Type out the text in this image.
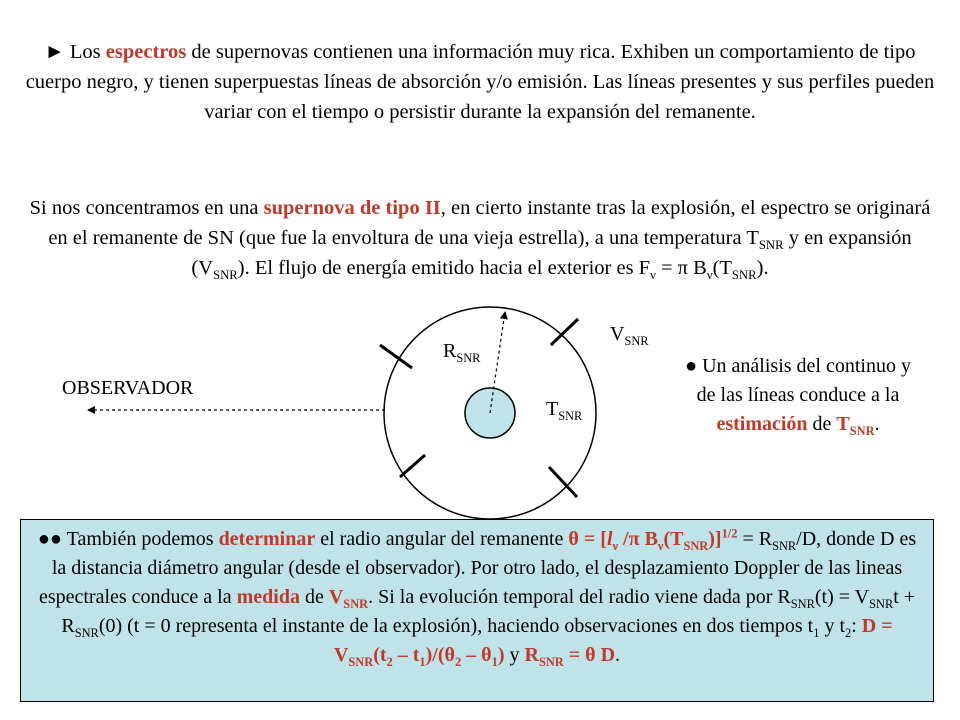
► Los espectros de supernovas contienen una información muy rica. Exhiben un comportamiento de tipo cuerpo negro, y tienen superpuestas líneas de absorción y/o emisión. Las líneas presentes y sus perfiles pueden variar con el tiempo o persistir durante la expansión del remanente.
Si nos concentramos en una supernova de tipo II, en cierto instante tras la explosión, el espectro se originará en el remanente de SN (que fue la envoltura de una vieja estrella), a una temperatura $T_{SNR}$ y en expansión $(V_{SNR})$. El flujo de energía emitido hacia el exterior es $F_\nu = \pi$ $B_\nu(T_{SNR})$.
OBSERVADOR
$R_{SNR}$
$T_{SNR}$
$V_{SNR}$
● Un análisis del continuo y de las líneas conduce a la estimación de $T_{SNR}$.
●● También podemos determinar el radio angular del remanente $\theta = [l_\nu$ /π $B_\nu(T_{SNR})]^{1/2} = R_{SNR}/D$, donde D es la distancia diámetro angular (desde el observador). Por otro lado, el desplazamiento Doppler de las lineas espectrales conduce a la medida de $V_{SNR}$. Si la evolución temporal del radio viene dada por $R_{SNR}(t) = V_{SNR}t + R_{SNR}(0) (t = 0$ representa el instante de la explosión), haciendo observaciones en dos tiempos $t_1$ y $t_2$: $D = V_{SNR}(t_2 - t_1)/(\theta_2 - \theta_1)$ y $R_{SNR} = \theta$ D.
